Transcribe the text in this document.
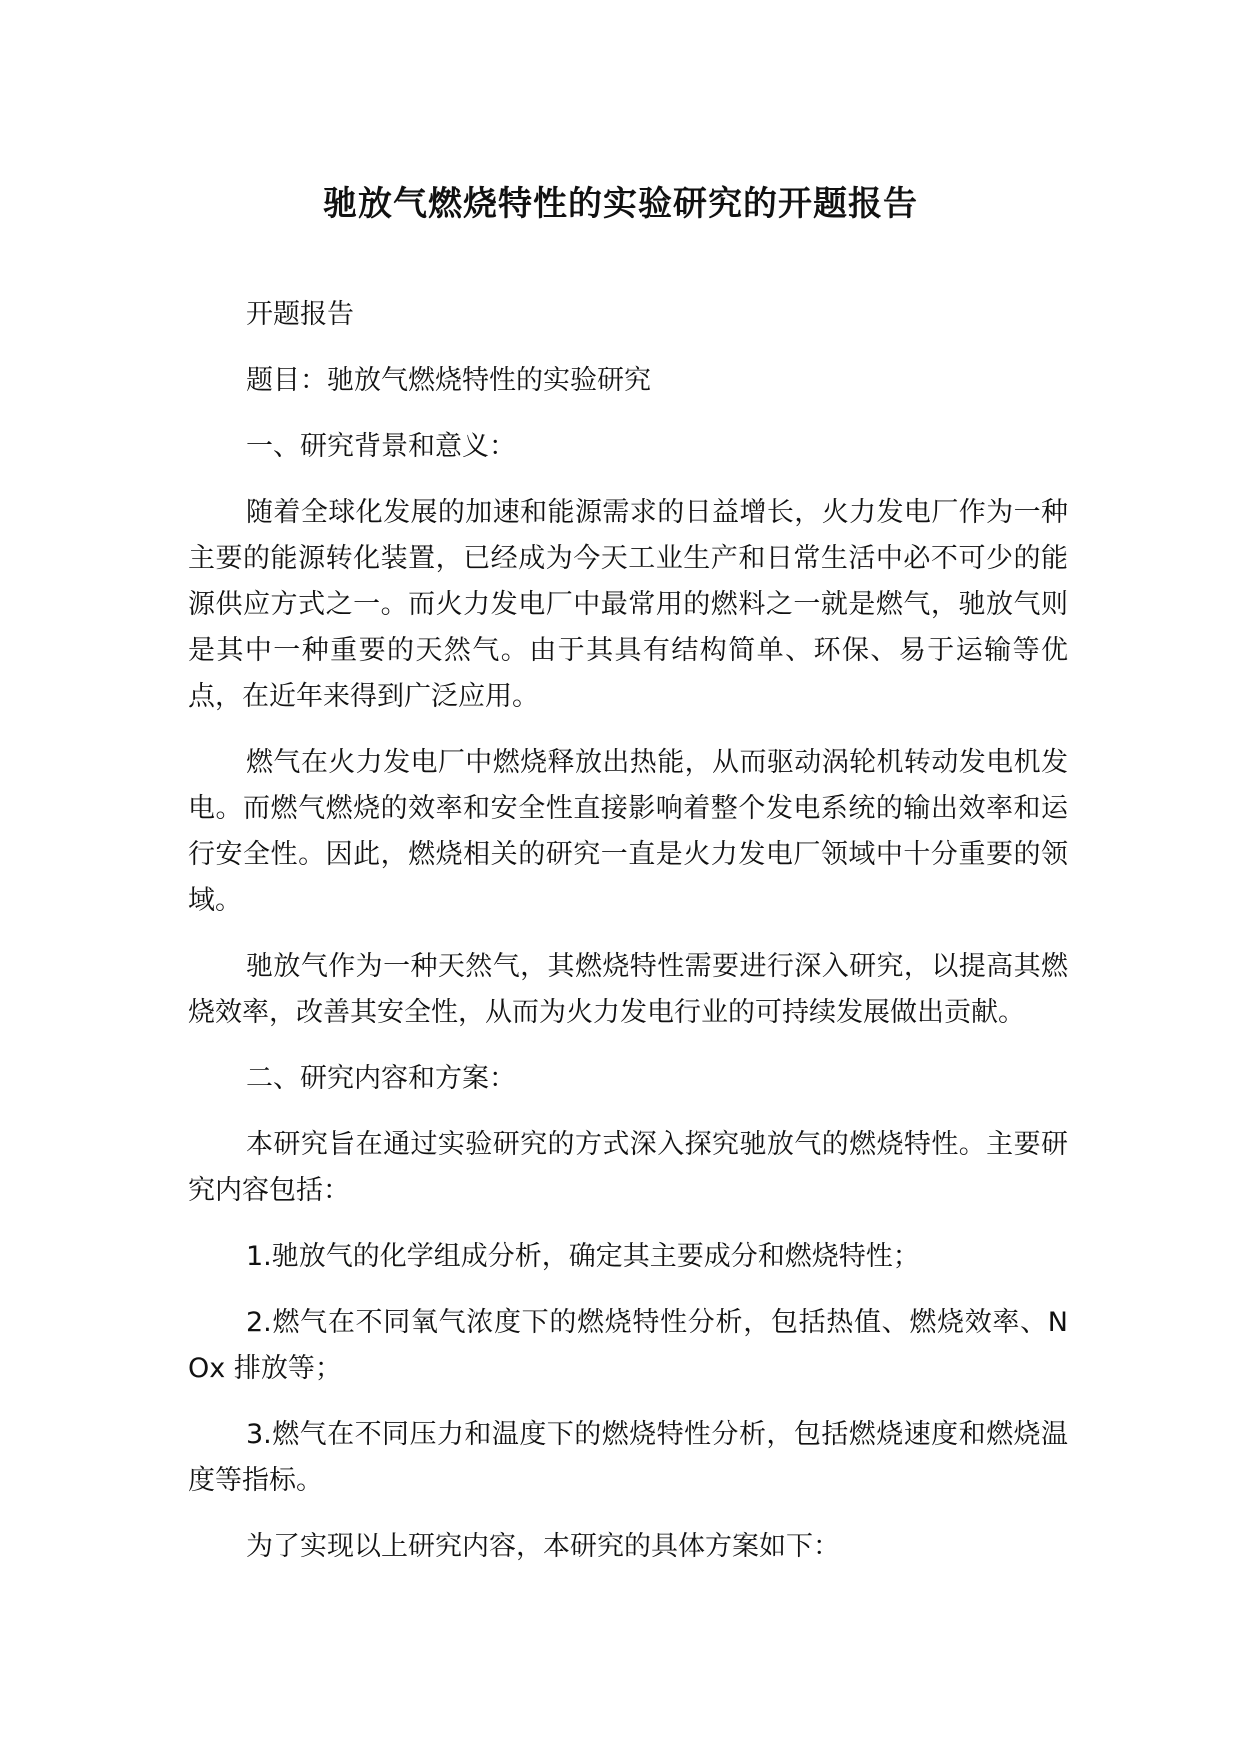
驰放气燃烧特性的实验研究的开题报告

开题报告

题目：驰放气燃烧特性的实验研究

一、研究背景和意义：

随着全球化发展的加速和能源需求的日益增长，火力发电厂作为一种主要的能源转化装置，已经成为今天工业生产和日常生活中必不可少的能源供应方式之一。而火力发电厂中最常用的燃料之一就是燃气，驰放气则是其中一种重要的天然气。由于其具有结构简单、环保、易于运输等优点，在近年来得到广泛应用。

燃气在火力发电厂中燃烧释放出热能，从而驱动涡轮机转动发电机发电。而燃气燃烧的效率和安全性直接影响着整个发电系统的输出效率和运行安全性。因此，燃烧相关的研究一直是火力发电厂领域中十分重要的领域。

驰放气作为一种天然气，其燃烧特性需要进行深入研究，以提高其燃烧效率，改善其安全性，从而为火力发电行业的可持续发展做出贡献。

二、研究内容和方案：

本研究旨在通过实验研究的方式深入探究驰放气的燃烧特性。主要研究内容包括：

1.驰放气的化学组成分析，确定其主要成分和燃烧特性；

2.燃气在不同氧气浓度下的燃烧特性分析，包括热值、燃烧效率、NOx 排放等；

3.燃气在不同压力和温度下的燃烧特性分析，包括燃烧速度和燃烧温度等指标。

为了实现以上研究内容，本研究的具体方案如下：
